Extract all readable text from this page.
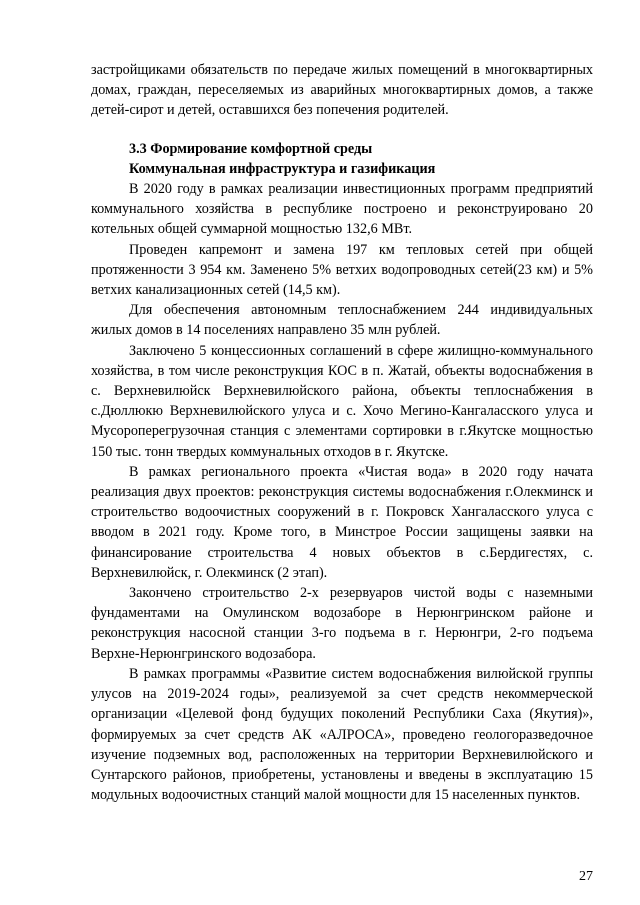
застройщиками обязательств по передаче жилых помещений в многоквартирных домах, граждан, переселяемых из аварийных многоквартирных домов, а также детей-сирот и детей, оставшихся без попечения родителей.

3.3 Формирование комфортной среды

Коммунальная инфраструктура и газификация

В 2020 году в рамках реализации инвестиционных программ предприятий коммунального хозяйства в республике построено и реконструировано 20 котельных общей суммарной мощностью 132,6 МВт.

Проведен капремонт и замена 197 км тепловых сетей при общей протяженности 3 954 км. Заменено 5% ветхих водопроводных сетей(23 км) и 5% ветхих канализационных сетей (14,5 км).

Для обеспечения автономным теплоснабжением 244 индивидуальных жилых домов в 14 поселениях направлено 35 млн рублей.

Заключено 5 концессионных соглашений в сфере жилищно-коммунального хозяйства, в том числе реконструкция КОС в п. Жатай, объекты водоснабжения в с. Верхневилюйск Верхневилюйского района, объекты теплоснабжения в с.Дюллюкю Верхневилюйского улуса и с. Хочо Мегино-Кангаласского улуса и Мусороперегрузочная станция с элементами сортировки в г.Якутске мощностью 150 тыс. тонн твердых коммунальных отходов в г. Якутске.

В рамках регионального проекта «Чистая вода» в 2020 году начата реализация двух проектов: реконструкция системы водоснабжения г.Олекминск и строительство водоочистных сооружений в г. Покровск Хангаласского улуса с вводом в 2021 году. Кроме того, в Минстрое России защищены заявки на финансирование строительства 4 новых объектов в с.Бердигестях, с. Верхневилюйск, г. Олекминск (2 этап).

Закончено строительство 2-х резервуаров чистой воды с наземными фундаментами на Омулинском водозаборе в Нерюнгринском районе и реконструкция насосной станции 3-го подъема в г. Нерюнгри, 2-го подъема Верхне-Нерюнгринского водозабора.

В рамках программы «Развитие систем водоснабжения вилюйской группы улусов на 2019-2024 годы», реализуемой за счет средств некоммерческой организации «Целевой фонд будущих поколений Республики Саха (Якутия)», формируемых за счет средств АК «АЛРОСА», проведено геологоразведочное изучение подземных вод, расположенных на территории Верхневилюйского и Сунтарского районов, приобретены, установлены и введены в эксплуатацию 15 модульных водоочистных станций малой мощности для 15 населенных пунктов.

27
